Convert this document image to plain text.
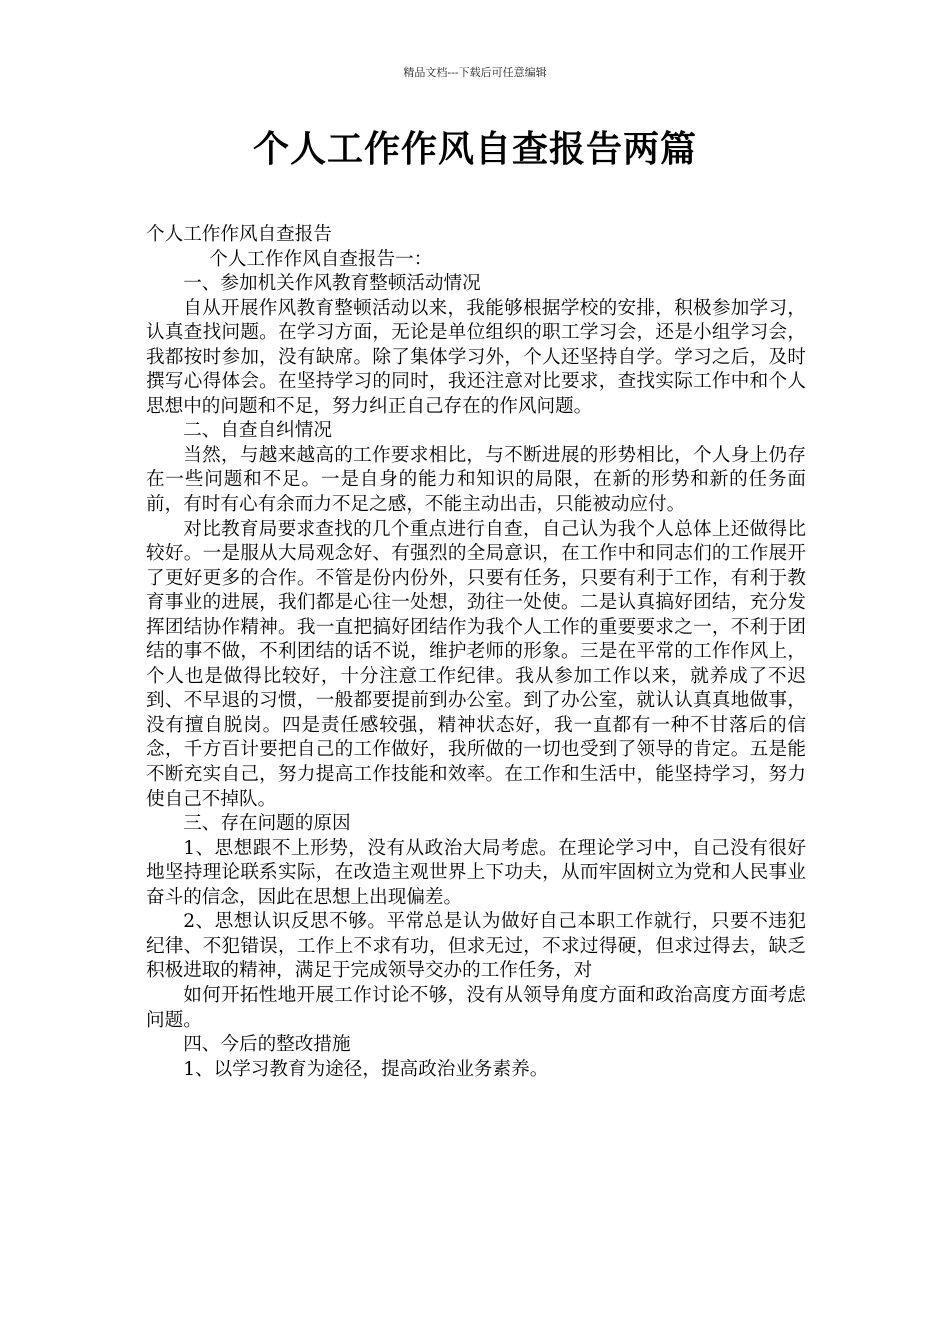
精品文档---下载后可任意编辑
个人工作作风自查报告两篇

个人工作作风自查报告

个人工作作风自查报告一：

一、参加机关作风教育整顿活动情况

自从开展作风教育整顿活动以来，我能够根据学校的安排，积极参加学习，认真查找问题。在学习方面，无论是单位组织的职工学习会，还是小组学习会，我都按时参加，没有缺席。除了集体学习外，个人还坚持自学。学习之后，及时撰写心得体会。在坚持学习的同时，我还注意对比要求，查找实际工作中和个人思想中的问题和不足，努力纠正自己存在的作风问题。

二、自查自纠情况

当然，与越来越高的工作要求相比，与不断进展的形势相比，个人身上仍存在一些问题和不足。一是自身的能力和知识的局限，在新的形势和新的任务面前，有时有心有余而力不足之感，不能主动出击，只能被动应付。

对比教育局要求查找的几个重点进行自查，自己认为我个人总体上还做得比较好。一是服从大局观念好、有强烈的全局意识，在工作中和同志们的工作展开了更好更多的合作。不管是份内份外，只要有任务，只要有利于工作，有利于教育事业的进展，我们都是心往一处想，劲往一处使。二是认真搞好团结，充分发挥团结协作精神。我一直把搞好团结作为我个人工作的重要要求之一，不利于团结的事不做，不利团结的话不说，维护老师的形象。三是在平常的工作作风上，个人也是做得比较好，十分注意工作纪律。我从参加工作以来，就养成了不迟到、不早退的习惯，一般都要提前到办公室。到了办公室，就认认真真地做事，没有擅自脱岗。四是责任感较强，精神状态好，我一直都有一种不甘落后的信念，千方百计要把自己的工作做好，我所做的一切也受到了领导的肯定。五是能不断充实自己，努力提高工作技能和效率。在工作和生活中，能坚持学习，努力使自己不掉队。

三、存在问题的原因

1、思想跟不上形势，没有从政治大局考虑。在理论学习中，自己没有很好地坚持理论联系实际，在改造主观世界上下功夫，从而牢固树立为党和人民事业奋斗的信念，因此在思想上出现偏差。

2、思想认识反思不够。平常总是认为做好自己本职工作就行，只要不违犯纪律、不犯错误，工作上不求有功，但求无过，不求过得硬，但求过得去，缺乏积极进取的精神，满足于完成领导交办的工作任务，对

如何开拓性地开展工作讨论不够，没有从领导角度方面和政治高度方面考虑问题。

四、今后的整改措施

1、以学习教育为途径，提高政治业务素养。
